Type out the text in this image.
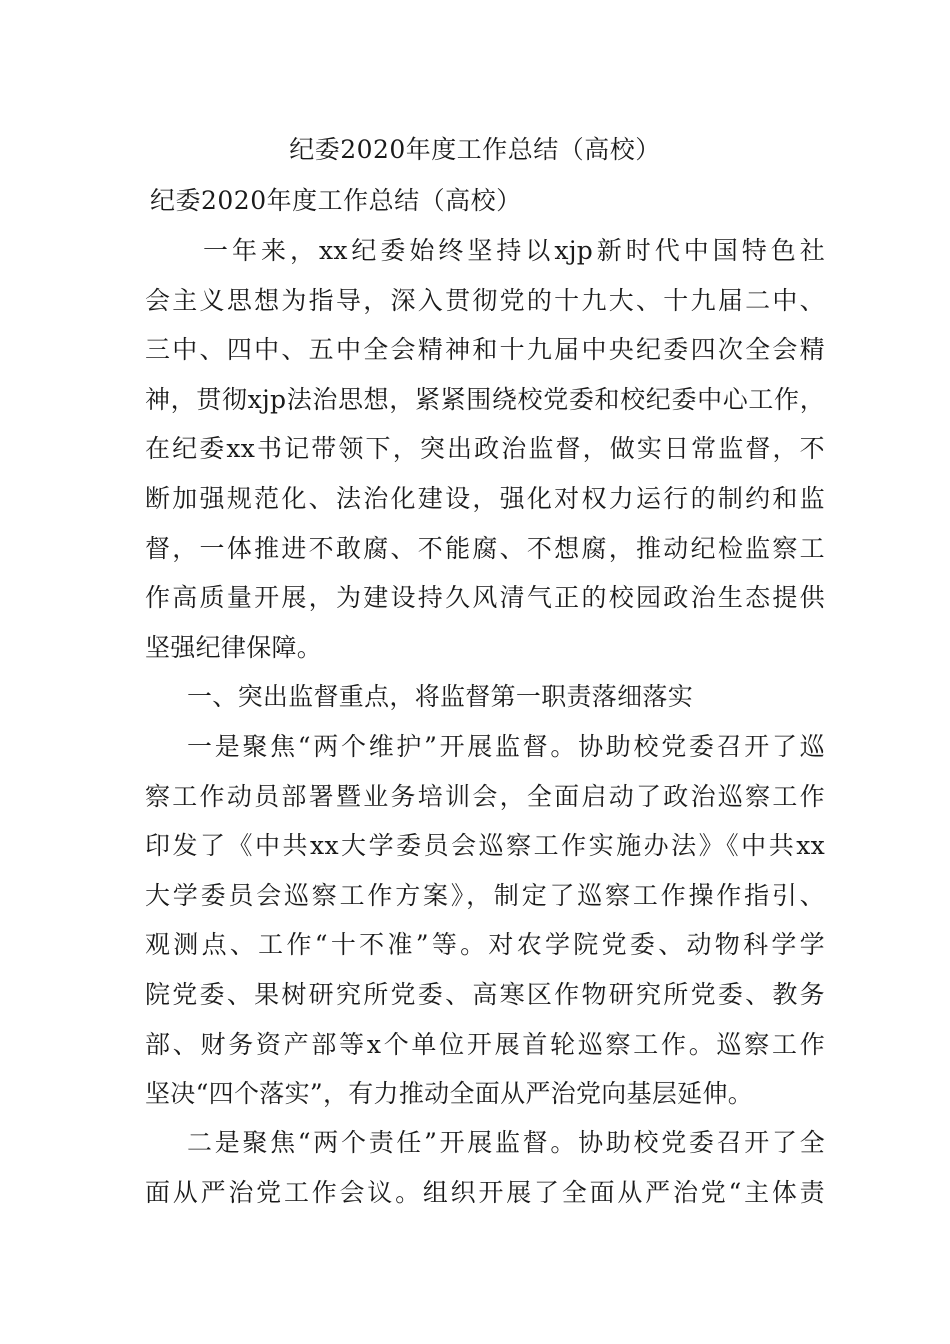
纪委2020年度工作总结（高校）
纪委2020年度工作总结（高校）
一年来，xx纪委始终坚持以xjp新时代中国特色社
会主义思想为指导，深入贯彻党的十九大、十九届二中、
三中、四中、五中全会精神和十九届中央纪委四次全会精
神，贯彻xjp法治思想，紧紧围绕校党委和校纪委中心工作，
在纪委xx书记带领下，突出政治监督，做实日常监督，不
断加强规范化、法治化建设，强化对权力运行的制约和监
督，一体推进不敢腐、不能腐、不想腐，推动纪检监察工
作高质量开展，为建设持久风清气正的校园政治生态提供
坚强纪律保障。
一、突出监督重点，将监督第一职责落细落实
一是聚焦“两个维护”开展监督。协助校党委召开了巡
察工作动员部署暨业务培训会，全面启动了政治巡察工作
印发了《中共xx大学委员会巡察工作实施办法》《中共xx
大学委员会巡察工作方案》，制定了巡察工作操作指引、
观测点、工作“十不准”等。对农学院党委、动物科学学
院党委、果树研究所党委、高寒区作物研究所党委、教务
部、财务资产部等x个单位开展首轮巡察工作。巡察工作
坚决“四个落实”，有力推动全面从严治党向基层延伸。
二是聚焦“两个责任”开展监督。协助校党委召开了全
面从严治党工作会议。组织开展了全面从严治党“主体责
